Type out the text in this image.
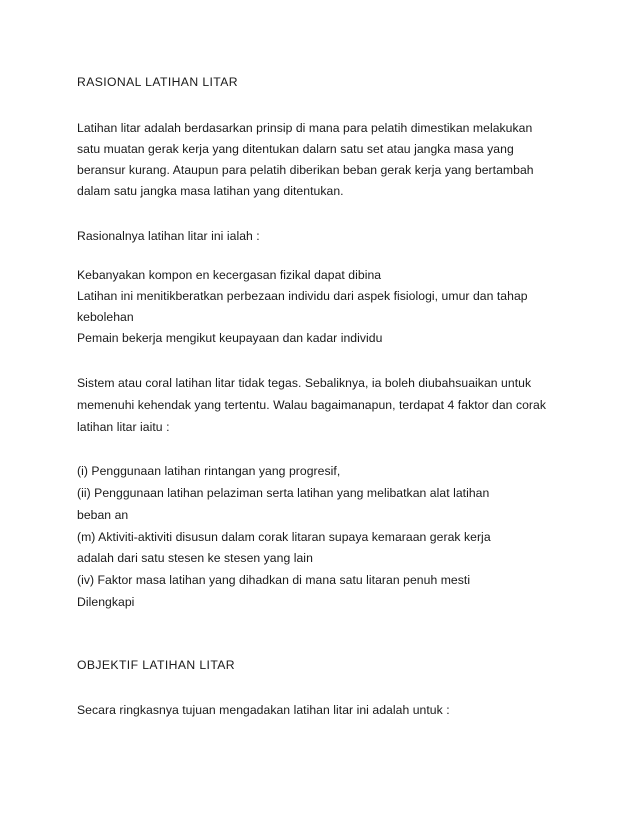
RASIONAL LATIHAN LITAR
Latihan litar adalah berdasarkan prinsip di mana para pelatih dimestikan melakukan
satu muatan gerak kerja yang ditentukan dalarn satu set atau jangka masa yang
beransur kurang. Ataupun para pelatih diberikan beban gerak kerja yang bertambah
dalam satu jangka masa latihan yang ditentukan.
Rasionalnya latihan litar ini ialah :
Kebanyakan kompon en kecergasan fizikal dapat dibina
Latihan ini menitikberatkan perbezaan individu dari aspek fisiologi, umur dan tahap
kebolehan
Pemain bekerja mengikut keupayaan dan kadar individu
Sistem atau coral latihan litar tidak tegas. Sebaliknya, ia boleh diubahsuaikan untuk
memenuhi kehendak yang tertentu. Walau bagaimanapun, terdapat 4 faktor dan corak
latihan litar iaitu :
(i) Penggunaan latihan rintangan yang progresif,
(ii) Penggunaan latihan pelaziman serta latihan yang melibatkan alat latihan
beban an
(m) Aktiviti-aktiviti disusun dalam corak litaran supaya kemaraan gerak kerja
adalah dari satu stesen ke stesen yang lain
(iv) Faktor masa latihan yang dihadkan di mana satu litaran penuh mesti
Dilengkapi
OBJEKTIF LATIHAN LITAR
Secara ringkasnya tujuan mengadakan latihan litar ini adalah untuk :
